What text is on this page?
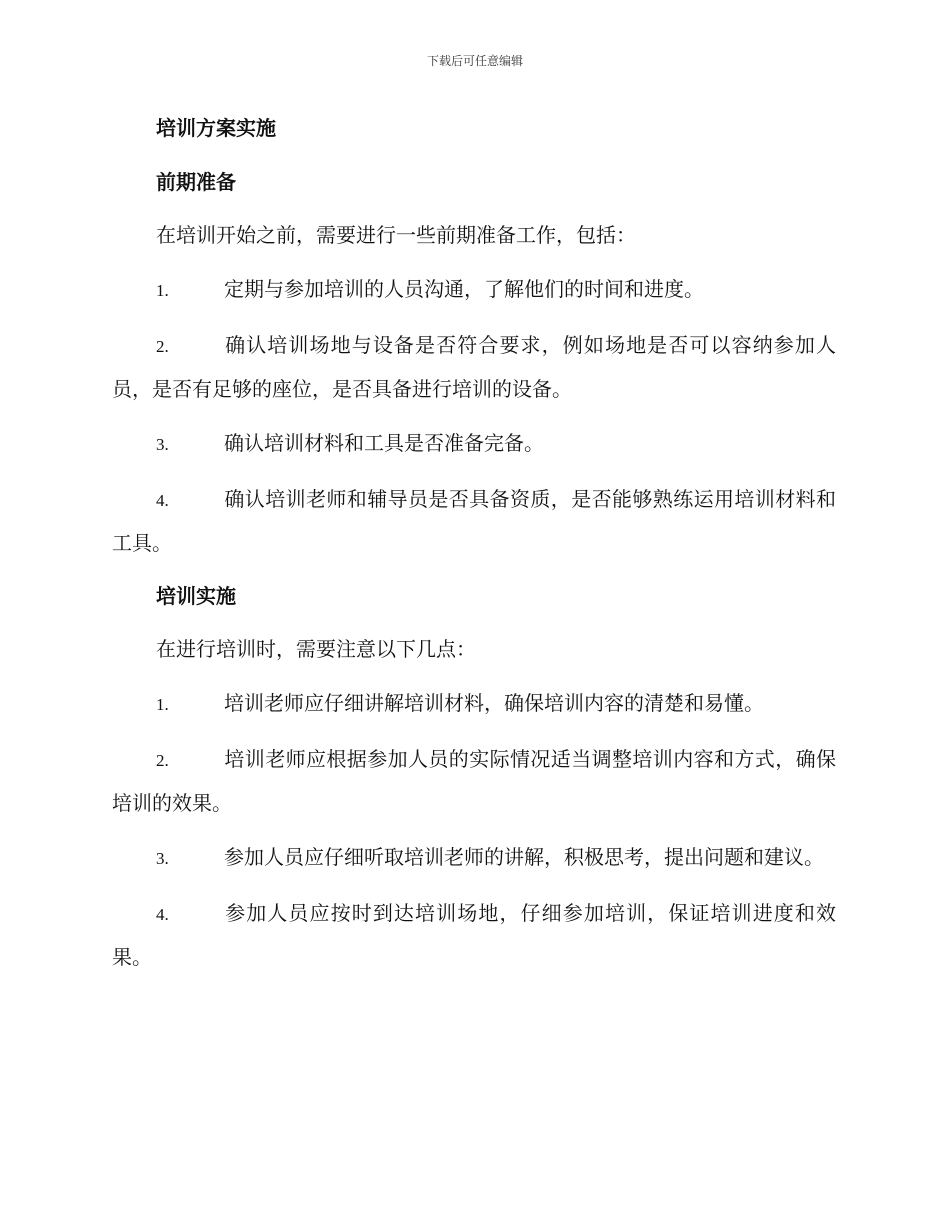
下载后可任意编辑
培训方案实施
前期准备

在培训开始之前，需要进行一些前期准备工作，包括：

1.	定期与参加培训的人员沟通，了解他们的时间和进度。

2.	确认培训场地与设备是否符合要求，例如场地是否可以容纳参加人员，是否有足够的座位，是否具备进行培训的设备。

3.	确认培训材料和工具是否准备完备。

4.	确认培训老师和辅导员是否具备资质，是否能够熟练运用培训材料和工具。

培训实施

在进行培训时，需要注意以下几点：

1.	培训老师应仔细讲解培训材料，确保培训内容的清楚和易懂。

2.	培训老师应根据参加人员的实际情况适当调整培训内容和方式，确保培训的效果。

3.	参加人员应仔细听取培训老师的讲解，积极思考，提出问题和建议。

4.	参加人员应按时到达培训场地，仔细参加培训，保证培训进度和效果。
